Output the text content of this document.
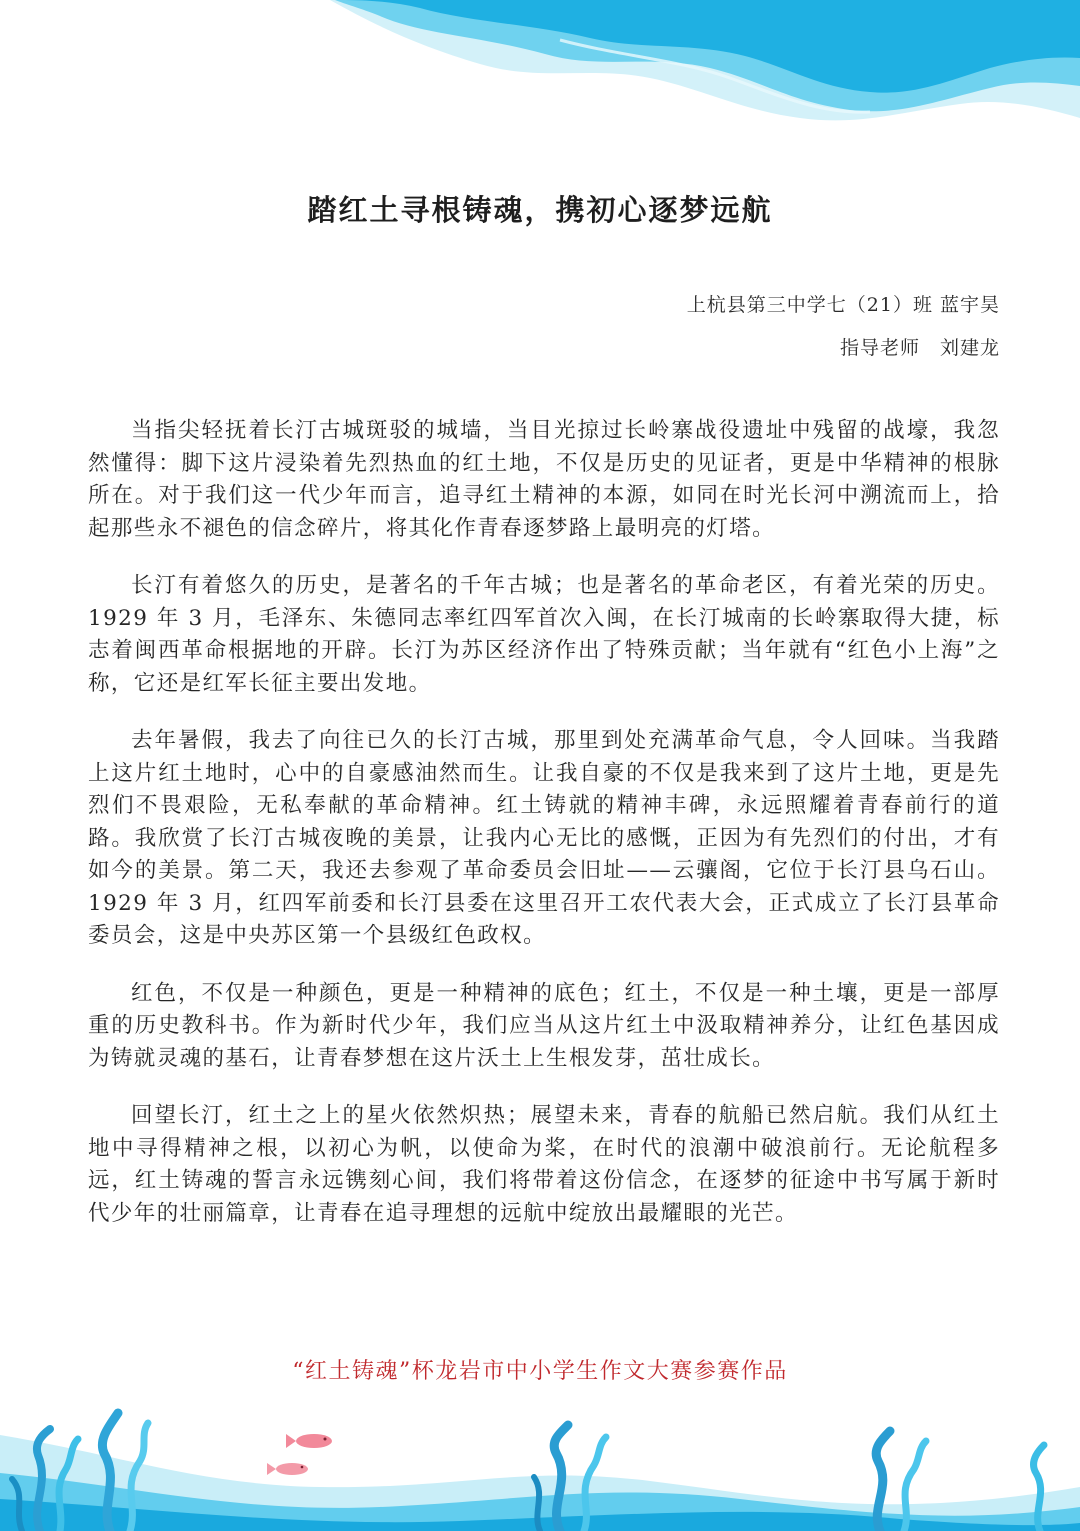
踏红土寻根铸魂，携初心逐梦远航
上杭县第三中学七（21）班 蓝宇昊
指导老师　刘建龙

当指尖轻抚着长汀古城斑驳的城墙，当目光掠过长岭寨战役遗址中残留的战壕，我忽然懂得：脚下这片浸染着先烈热血的红土地，不仅是历史的见证者，更是中华精神的根脉所在。对于我们这一代少年而言，追寻红土精神的本源，如同在时光长河中溯流而上，拾起那些永不褪色的信念碎片，将其化作青春逐梦路上最明亮的灯塔。

长汀有着悠久的历史，是著名的千年古城；也是著名的革命老区，有着光荣的历史。1929 年 3 月，毛泽东、朱德同志率红四军首次入闽，在长汀城南的长岭寨取得大捷，标志着闽西革命根据地的开辟。长汀为苏区经济作出了特殊贡献；当年就有“红色小上海”之称，它还是红军长征主要出发地。

去年暑假，我去了向往已久的长汀古城，那里到处充满革命气息，令人回味。当我踏上这片红土地时，心中的自豪感油然而生。让我自豪的不仅是我来到了这片土地，更是先烈们不畏艰险，无私奉献的革命精神。红土铸就的精神丰碑，永远照耀着青春前行的道路。我欣赏了长汀古城夜晚的美景，让我内心无比的感慨，正因为有先烈们的付出，才有如今的美景。第二天，我还去参观了革命委员会旧址——云骧阁，它位于长汀县乌石山。1929 年 3 月，红四军前委和长汀县委在这里召开工农代表大会，正式成立了长汀县革命委员会，这是中央苏区第一个县级红色政权。

红色，不仅是一种颜色，更是一种精神的底色；红土，不仅是一种土壤，更是一部厚重的历史教科书。作为新时代少年，我们应当从这片红土中汲取精神养分，让红色基因成为铸就灵魂的基石，让青春梦想在这片沃土上生根发芽，茁壮成长。

回望长汀，红土之上的星火依然炽热；展望未来，青春的航船已然启航。我们从红土地中寻得精神之根，以初心为帆，以使命为桨，在时代的浪潮中破浪前行。无论航程多远，红土铸魂的誓言永远镌刻心间，我们将带着这份信念，在逐梦的征途中书写属于新时代少年的壮丽篇章，让青春在追寻理想的远航中绽放出最耀眼的光芒。

“红土铸魂”杯龙岩市中小学生作文大赛参赛作品
